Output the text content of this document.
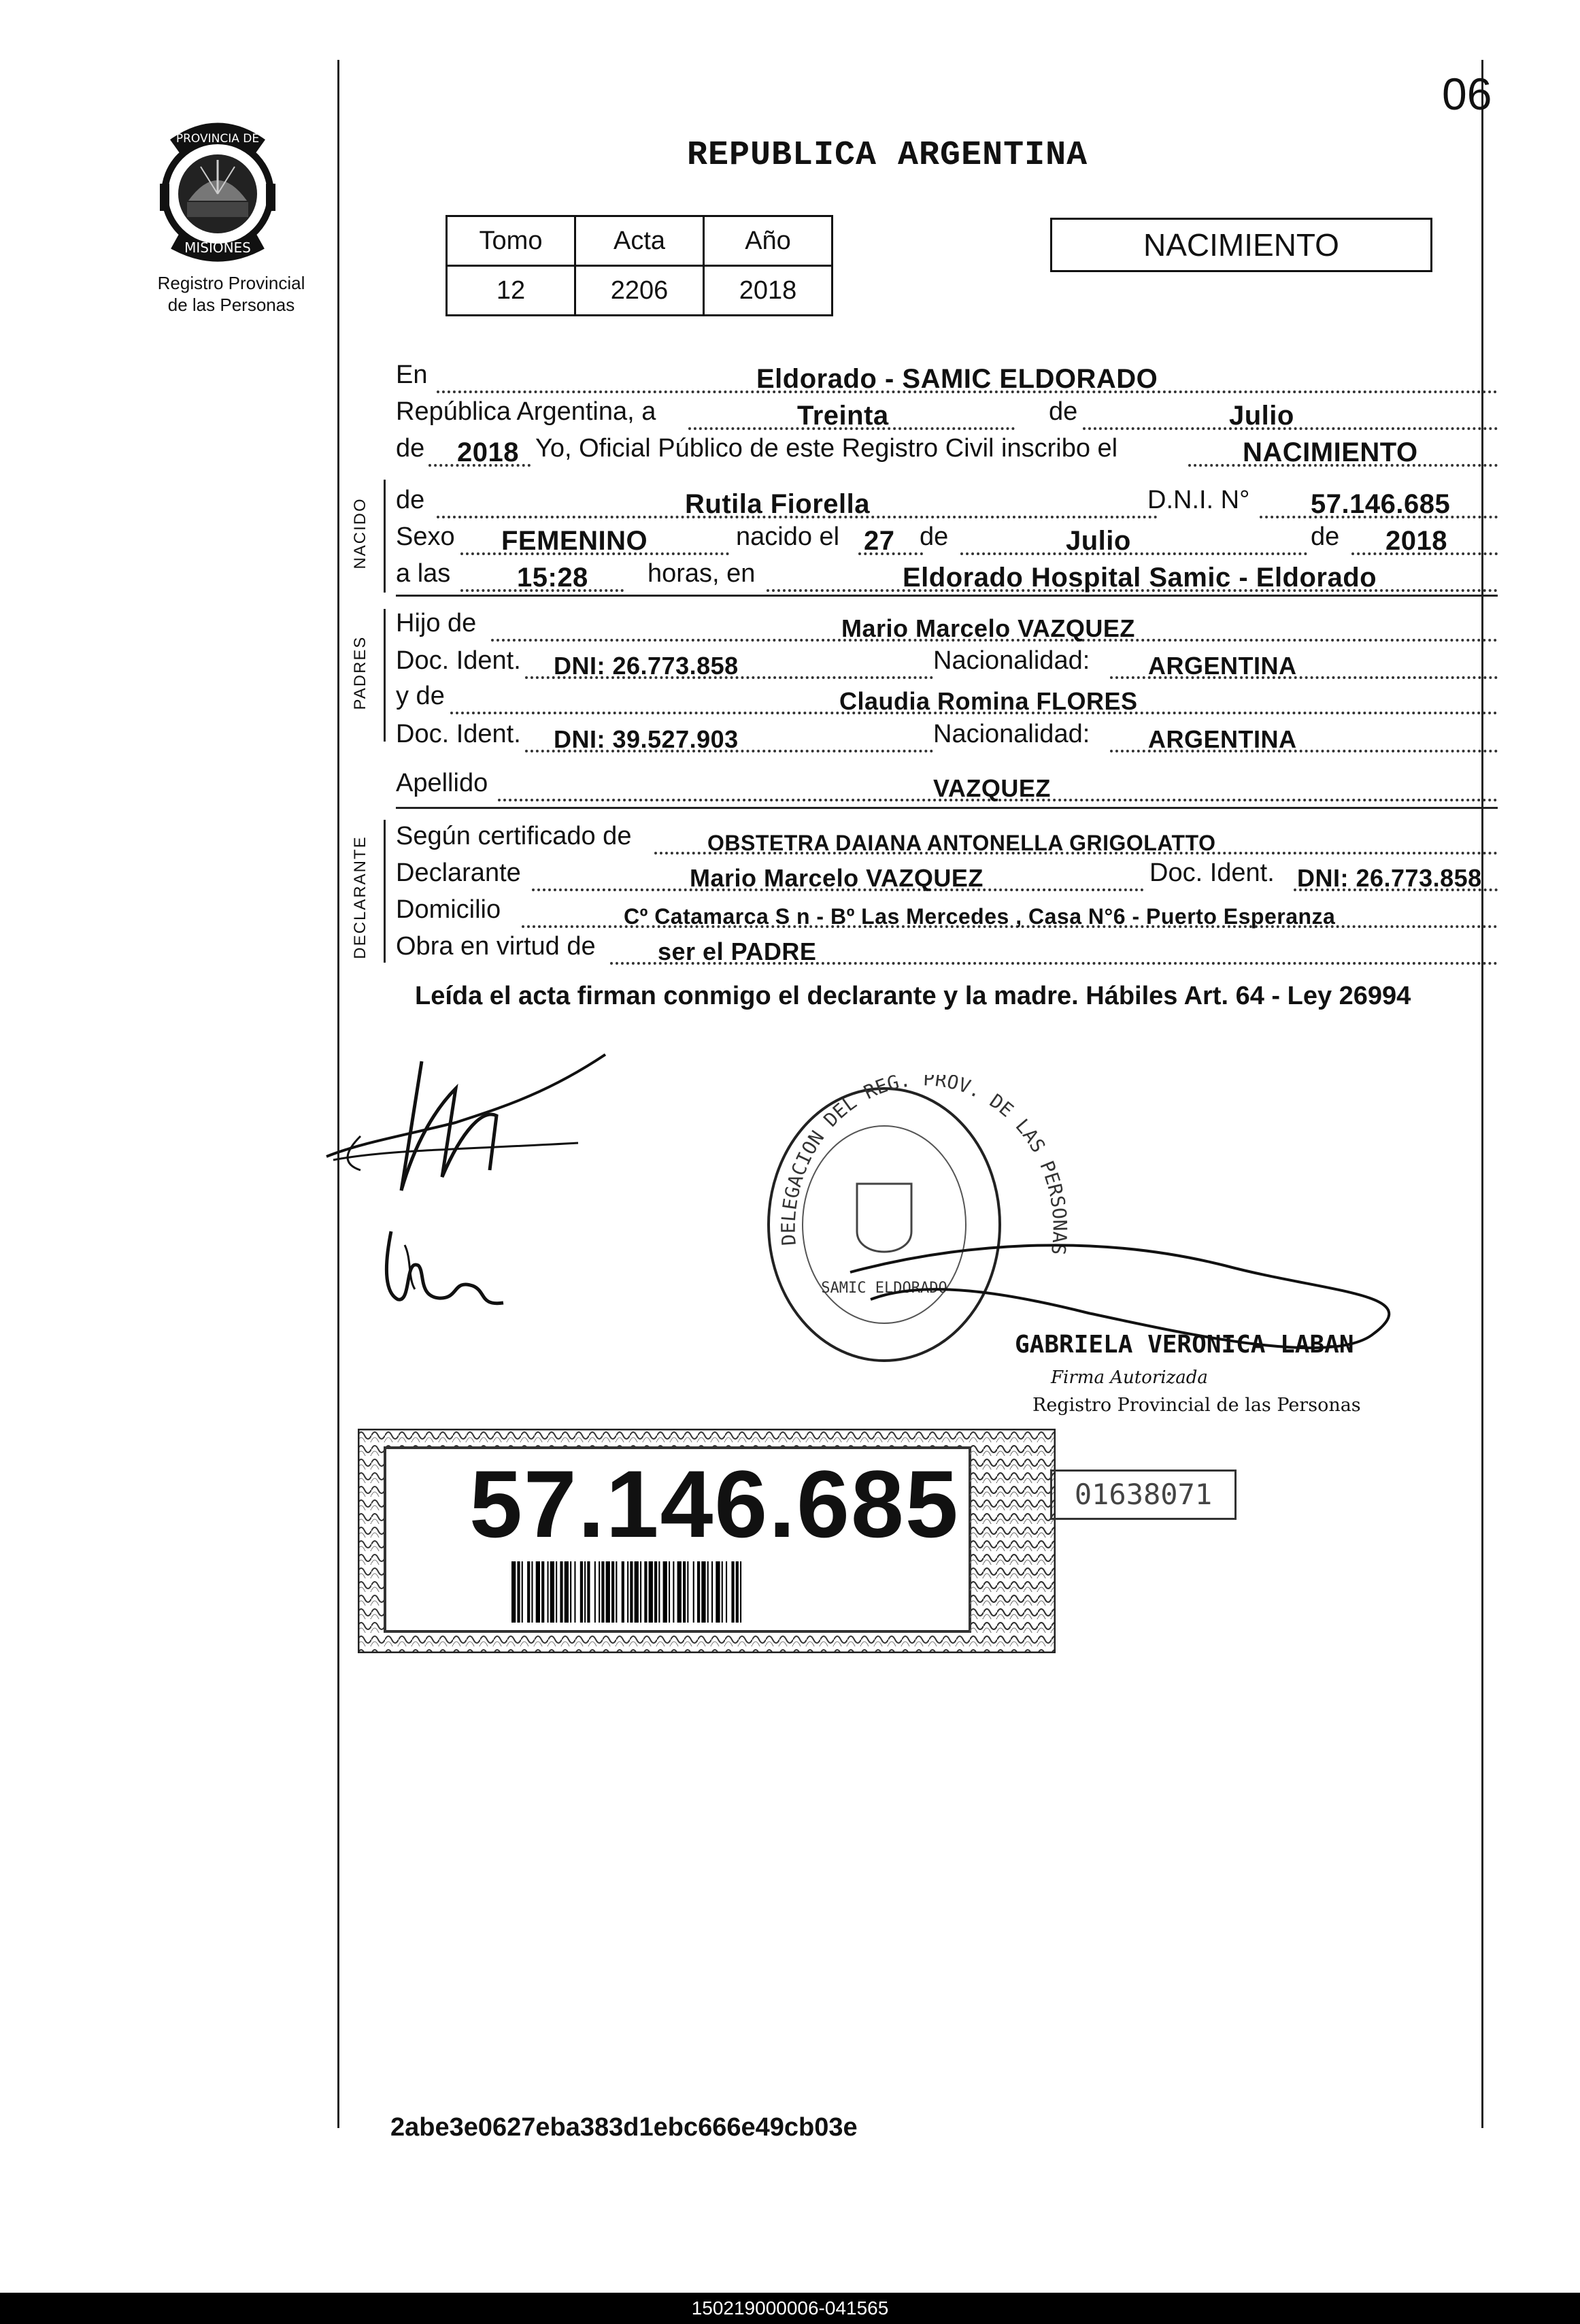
06
PROVINCIA DE
MISIONES
Registro Provincial
de las Personas
REPUBLICA ARGENTINA
Tomo	Acta	Año
12	2206	2018
NACIMIENTO
En	Eldorado - SAMIC ELDORADO
República Argentina, a	Treinta	de	Julio
de 2018 Yo, Oficial Público de este Registro Civil inscribo el	NACIMIENTO
NACIDO de	Rutila Fiorella	D.N.I. N° 57.146.685
Sexo FEMENINO	nacido el 27 de	Julio	de 2018
a las 15:28 horas, en	Eldorado Hospital Samic - Eldorado
PADRES
Hijo de	Mario Marcelo VAZQUEZ
Doc. Ident. DNI: 26.773.858	Nacionalidad: ARGENTINA
y de	Claudia Romina FLORES
Doc. Ident. DNI: 39.527.903	Nacionalidad: ARGENTINA
Apellido	VAZQUEZ
DECLARANTE Según certificado de	OBSTETRA DAIANA ANTONELLA GRIGOLATTO
Declarante	Mario Marcelo VAZQUEZ	Doc. Ident. DNI: 26.773.858
Domicilio	Cº Catamarca S n - Bº Las Mercedes , Casa N°6 - Puerto Esperanza
Obra en virtud de	ser el PADRE
Leída el acta firman conmigo el declarante y la madre. Hábiles Art. 64 - Ley 26994
DELEGACION DEL REG. PROV. DE LAS PERSONAS
SAMIC ELDORADO
GABRIELA VERONICA LABAN
Firma Autorizada
Registro Provincial de las Personas
57.146.685	01638071
2abe3e0627eba383d1ebc666e49cb03e
150219000006-041565
